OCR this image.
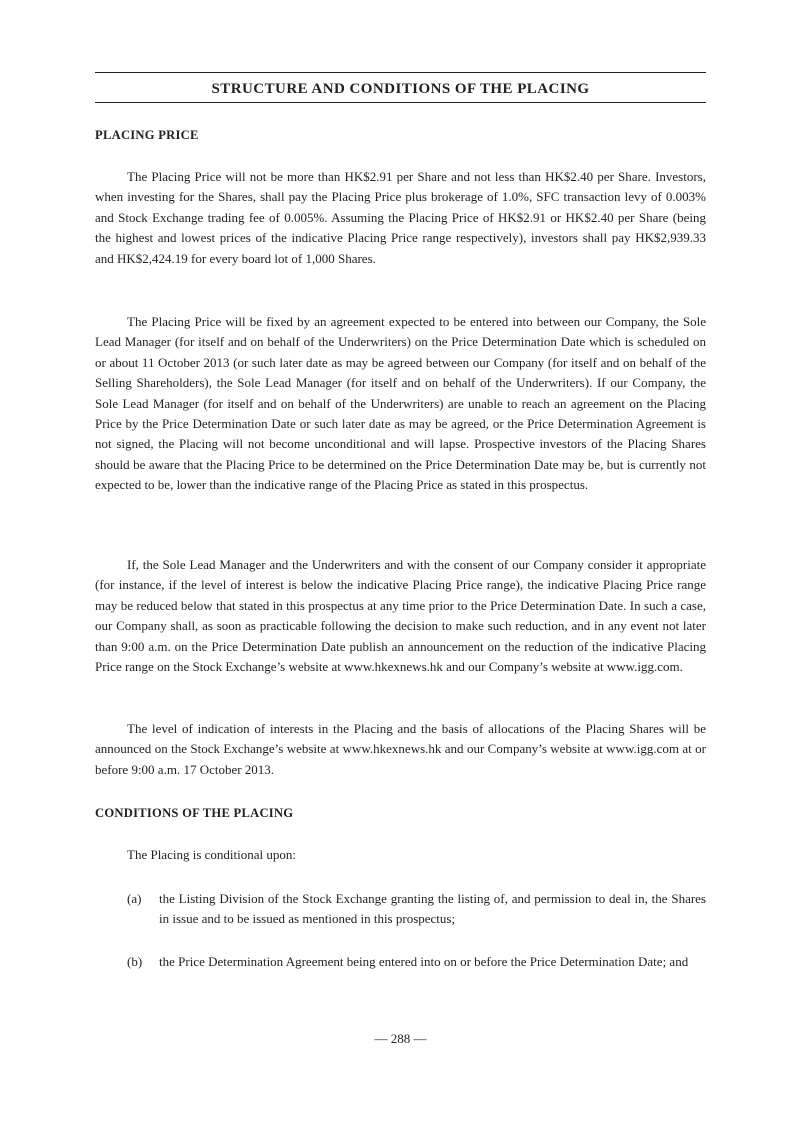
STRUCTURE AND CONDITIONS OF THE PLACING
PLACING PRICE

The Placing Price will not be more than HK$2.91 per Share and not less than HK$2.40 per Share. Investors, when investing for the Shares, shall pay the Placing Price plus brokerage of 1.0%, SFC transaction levy of 0.003% and Stock Exchange trading fee of 0.005%. Assuming the Placing Price of HK$2.91 or HK$2.40 per Share (being the highest and lowest prices of the indicative Placing Price range respectively), investors shall pay HK$2,939.33 and HK$2,424.19 for every board lot of 1,000 Shares.

The Placing Price will be fixed by an agreement expected to be entered into between our Company, the Sole Lead Manager (for itself and on behalf of the Underwriters) on the Price Determination Date which is scheduled on or about 11 October 2013 (or such later date as may be agreed between our Company (for itself and on behalf of the Selling Shareholders), the Sole Lead Manager (for itself and on behalf of the Underwriters). If our Company, the Sole Lead Manager (for itself and on behalf of the Underwriters) are unable to reach an agreement on the Placing Price by the Price Determination Date or such later date as may be agreed, or the Price Determination Agreement is not signed, the Placing will not become unconditional and will lapse. Prospective investors of the Placing Shares should be aware that the Placing Price to be determined on the Price Determination Date may be, but is currently not expected to be, lower than the indicative range of the Placing Price as stated in this prospectus.

If, the Sole Lead Manager and the Underwriters and with the consent of our Company consider it appropriate (for instance, if the level of interest is below the indicative Placing Price range), the indicative Placing Price range may be reduced below that stated in this prospectus at any time prior to the Price Determination Date. In such a case, our Company shall, as soon as practicable following the decision to make such reduction, and in any event not later than 9:00 a.m. on the Price Determination Date publish an announcement on the reduction of the indicative Placing Price range on the Stock Exchange’s website at www.hkexnews.hk and our Company’s website at www.igg.com.

The level of indication of interests in the Placing and the basis of allocations of the Placing Shares will be announced on the Stock Exchange’s website at www.hkexnews.hk and our Company’s website at www.igg.com at or before 9:00 a.m. 17 October 2013.

CONDITIONS OF THE PLACING
The Placing is conditional upon:
(a) the Listing Division of the Stock Exchange granting the listing of, and permission to deal in, the Shares in issue and to be issued as mentioned in this prospectus;
(b) the Price Determination Agreement being entered into on or before the Price Determination Date; and
— 288 —
